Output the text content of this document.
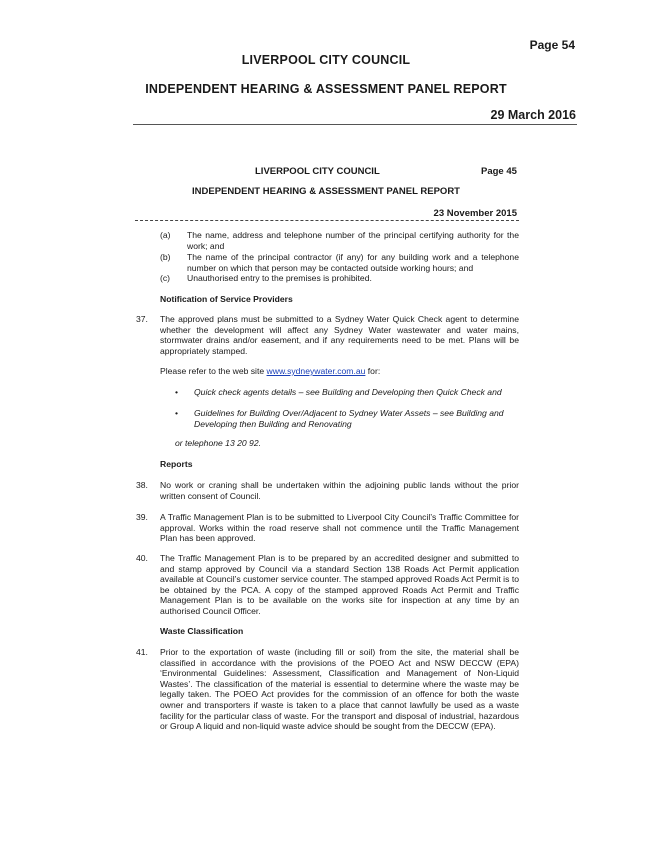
Page 54
LIVERPOOL CITY COUNCIL
INDEPENDENT HEARING & ASSESSMENT PANEL REPORT
29 March 2016
LIVERPOOL CITY COUNCIL	Page 45
INDEPENDENT HEARING & ASSESSMENT PANEL REPORT
23 November 2015
(a) The name, address and telephone number of the principal certifying authority for the work; and
(b) The name of the principal contractor (if any) for any building work and a telephone number on which that person may be contacted outside working hours; and
(c) Unauthorised entry to the premises is prohibited.
Notification of Service Providers
37. The approved plans must be submitted to a Sydney Water Quick Check agent to determine whether the development will affect any Sydney Water wastewater and water mains, stormwater drains and/or easement, and if any requirements need to be met. Plans will be appropriately stamped.
Please refer to the web site www.sydneywater.com.au for:
• Quick check agents details – see Building and Developing then Quick Check and
• Guidelines for Building Over/Adjacent to Sydney Water Assets – see Building and Developing then Building and Renovating
or telephone 13 20 92.
Reports
38. No work or craning shall be undertaken within the adjoining public lands without the prior written consent of Council.
39. A Traffic Management Plan is to be submitted to Liverpool City Council’s Traffic Committee for approval. Works within the road reserve shall not commence until the Traffic Management Plan has been approved.
40. The Traffic Management Plan is to be prepared by an accredited designer and submitted to and stamp approved by Council via a standard Section 138 Roads Act Permit application available at Council’s customer service counter. The stamped approved Roads Act Permit is to be obtained by the PCA. A copy of the stamped approved Roads Act Permit and Traffic Management Plan is to be available on the works site for inspection at any time by an authorised Council Officer.
Waste Classification
41. Prior to the exportation of waste (including fill or soil) from the site, the material shall be classified in accordance with the provisions of the POEO Act and NSW DECCW (EPA) ‘Environmental Guidelines: Assessment, Classification and Management of Non-Liquid Wastes’. The classification of the material is essential to determine where the waste may be legally taken. The POEO Act provides for the commission of an offence for both the waste owner and transporters if waste is taken to a place that cannot lawfully be used as a waste facility for the particular class of waste. For the transport and disposal of industrial, hazardous or Group A liquid and non-liquid waste advice should be sought from the DECCW (EPA).
